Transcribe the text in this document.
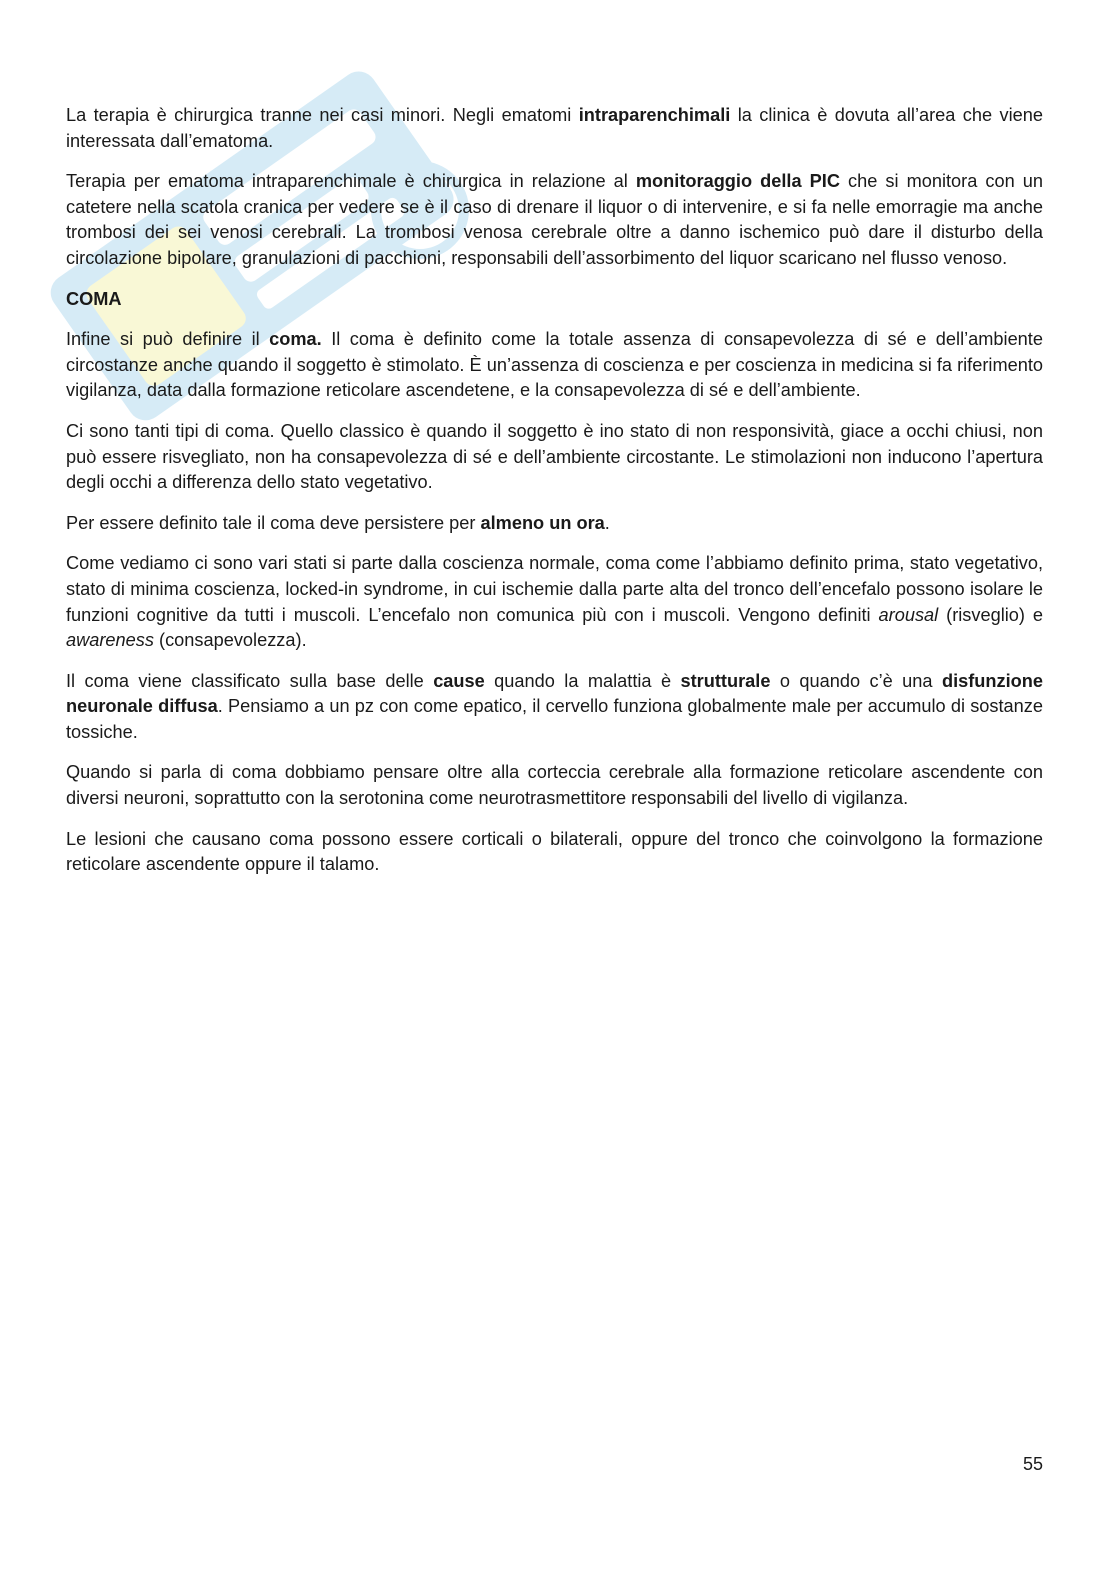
La terapia è chirurgica tranne nei casi minori. Negli ematomi intraparenchimali la clinica è dovuta all’area che viene interessata dall’ematoma.

Terapia per ematoma intraparenchimale è chirurgica in relazione al monitoraggio della PIC che si monitora con un catetere nella scatola cranica per vedere se è il caso di drenare il liquor o di intervenire, e si fa nelle emorragie ma anche trombosi dei sei venosi cerebrali. La trombosi venosa cerebrale oltre a danno ischemico può dare il disturbo della circolazione bipolare, granulazioni di pacchioni, responsabili dell’assorbimento del liquor scaricano nel flusso venoso.

COMA

Infine si può definire il coma. Il coma è definito come la totale assenza di consapevolezza di sé e dell’ambiente circostanze anche quando il soggetto è stimolato. È un’assenza di coscienza e per coscienza in medicina si fa riferimento vigilanza, data dalla formazione reticolare ascendetene, e la consapevolezza di sé e dell’ambiente.

Ci sono tanti tipi di coma. Quello classico è quando il soggetto è ino stato di non responsività, giace a occhi chiusi, non può essere risvegliato, non ha consapevolezza di sé e dell’ambiente circostante. Le stimolazioni non inducono l’apertura degli occhi a differenza dello stato vegetativo.

Per essere definito tale il coma deve persistere per almeno un ora.

Come vediamo ci sono vari stati si parte dalla coscienza normale, coma come l’abbiamo definito prima, stato vegetativo, stato di minima coscienza, locked-in syndrome, in cui ischemie dalla parte alta del tronco dell’encefalo possono isolare le funzioni cognitive da tutti i muscoli. L’encefalo non comunica più con i muscoli. Vengono definiti arousal (risveglio) e awareness (consapevolezza).

Il coma viene classificato sulla base delle cause quando la malattia è strutturale o quando c’è una disfunzione neuronale diffusa. Pensiamo a un pz con come epatico, il cervello funziona globalmente male per accumulo di sostanze tossiche.

Quando si parla di coma dobbiamo pensare oltre alla corteccia cerebrale alla formazione reticolare ascendente con diversi neuroni, soprattutto con la serotonina come neurotrasmettitore responsabili del livello di vigilanza.

Le lesioni che causano coma possono essere corticali o bilaterali, oppure del tronco che coinvolgono la formazione reticolare ascendente oppure il talamo.

55
